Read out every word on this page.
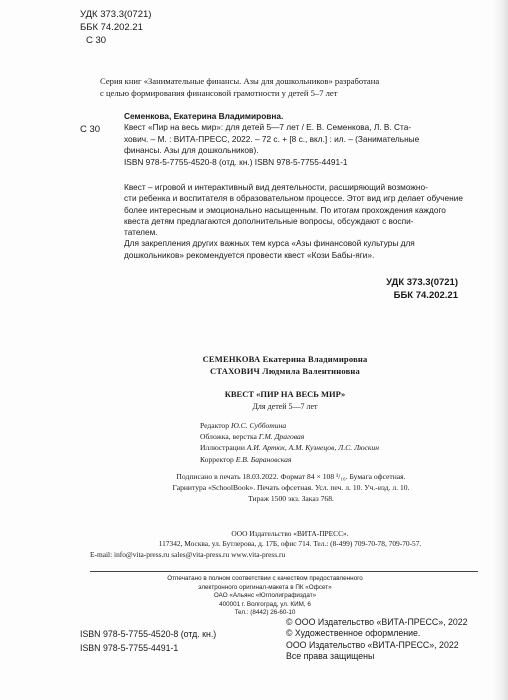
УДК 373.3(0721)
ББК 74.202.21
С 30
Серия книг «Занимательные финансы. Азы для дошкольников» разработана
с целью формирования финансовой грамотности у детей 5–7 лет
С 30
Семенкова, Екатерина Владимировна.
Квест «Пир на весь мир»: для детей 5—7 лет / Е. В. Семенкова, Л. В. Ста-
хович. – М. : ВИТА-ПРЕСС, 2022. – 72 с. + [8 с., вкл.] : ил. – (Занимательные
финансы. Азы для дошкольников).
ISBN 978-5-7755-4520-8 (отд. кн.) ISBN 978-5-7755-4491-1

Квест – игровой и интерактивный вид деятельности, расширяющий возможно-
сти ребенка и воспитателя в образовательном процессе. Этот вид игр делает обучение
более интересным и эмоционально насыщенным. По итогам прохождения каждого
квеста детям предлагаются дополнительные вопросы, обсуждают с воспи-
тателем.

Для закрепления других важных тем курса «Азы финансовой культуры для
дошкольников» рекомендуется провести квест «Кози Бабы-яги».

УДК 373.3(0721)
ББК 74.202.21
СЕМЕНКОВА Екатерина Владимировна
СТАХОВИЧ Людмила Валентиновна
КВЕСТ «ПИР НА ВЕСЬ МИР»
Для детей 5—7 лет
Редактор Ю.С. Субботина
Обложка, верстка Г.М. Драговая
Иллюстрации А.И. Артюх, А.М. Кузнецов, Л.С. Люскин
Корректор Е.В. Барановская
Подписано в печать 18.03.2022. Формат 84 × 108 ¹/₁₆. Бумага офсетная.
Гарнитура «SchoolBook». Печать офсетная. Усл. печ. л. 10. Уч.-изд. л. 10.
Тираж 1500 экз. Заказ 768.
ООО Издательство «ВИТА-ПРЕСС».
117342, Москва, ул. Бутлерова, д. 17Б, офис 714. Тел.: (8-499) 709-70-78, 709-70-57.
E-mail: info@vita-press.ru sales@vita-press.ru www.vita-press.ru
Отпечатано в полном соответствии с качеством предоставленного
электронного оригинал-макета в ПК «Офсет»
ОАО «Альянс «Югполиграфиздат»
400001 г. Волгоград, ул. КИМ, 6
Тел.: (8442) 26-60-10
ISBN 978-5-7755-4520-8 (отд. кн.)
ISBN 978-5-7755-4491-1
© ООО Издательство «ВИТА-ПРЕСС», 2022
© Художественное оформление.
ООО Издательство «ВИТА-ПРЕСС», 2022
Все права защищены
